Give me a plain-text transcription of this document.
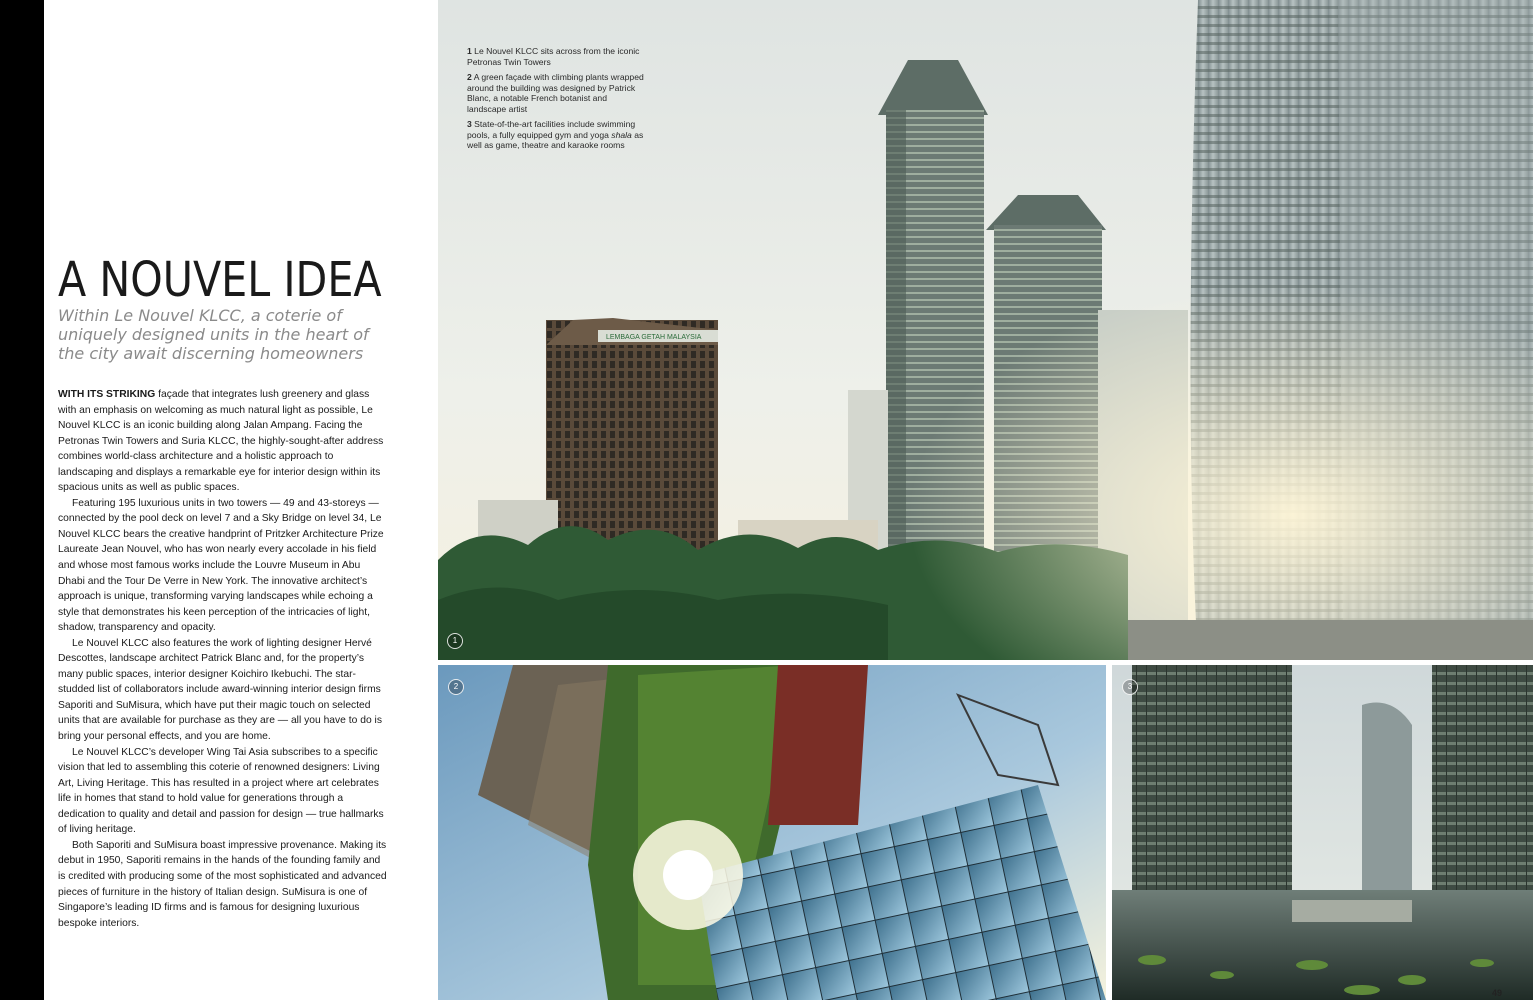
A NOUVEL IDEA
Within Le Nouvel KLCC, a coterie of uniquely designed units in the heart of the city await discerning homeowners

WITH ITS STRIKING façade that integrates lush greenery and glass with an emphasis on welcoming as much natural light as possible, Le Nouvel KLCC is an iconic building along Jalan Ampang. Facing the Petronas Twin Towers and Suria KLCC, the highly-sought-after address combines world-class architecture and a holistic approach to landscaping and displays a remarkable eye for interior design within its spacious units as well as public spaces.

Featuring 195 luxurious units in two towers — 49 and 43-storeys — connected by the pool deck on level 7 and a Sky Bridge on level 34, Le Nouvel KLCC bears the creative handprint of Pritzker Architecture Prize Laureate Jean Nouvel, who has won nearly every accolade in his field and whose most famous works include the Louvre Museum in Abu Dhabi and the Tour De Verre in New York. The innovative architect’s approach is unique, transforming varying landscapes while echoing a style that demonstrates his keen perception of the intricacies of light, shadow, transparency and opacity.

Le Nouvel KLCC also features the work of lighting designer Hervé Descottes, landscape architect Patrick Blanc and, for the property’s many public spaces, interior designer Koichiro Ikebuchi. The star-studded list of collaborators include award-winning interior design firms Saporiti and SuMisura, which have put their magic touch on selected units that are available for purchase as they are — all you have to do is bring your personal effects, and you are home.

Le Nouvel KLCC’s developer Wing Tai Asia subscribes to a specific vision that led to assembling this coterie of renowned designers: Living Art, Living Heritage. This has resulted in a project where art celebrates life in homes that stand to hold value for generations through a dedication to quality and detail and passion for design — true hallmarks of living heritage.

Both Saporiti and SuMisura boast impressive provenance. Making its debut in 1950, Saporiti remains in the hands of the founding family and is credited with producing some of the most sophisticated and advanced pieces of furniture in the history of Italian design. SuMisura is one of Singapore’s leading ID firms and is famous for designing luxurious bespoke interiors.

1

1 Le Nouvel KLCC sits across from the iconic Petronas Twin Towers

2 A green façade with climbing plants wrapped around the building was designed by Patrick Blanc, a notable French botanist and landscape artist

3 State-of-the-art facilities include swimming pools, a fully equipped gym and yoga shala as well as game, theatre and karaoke rooms

2	3
49
